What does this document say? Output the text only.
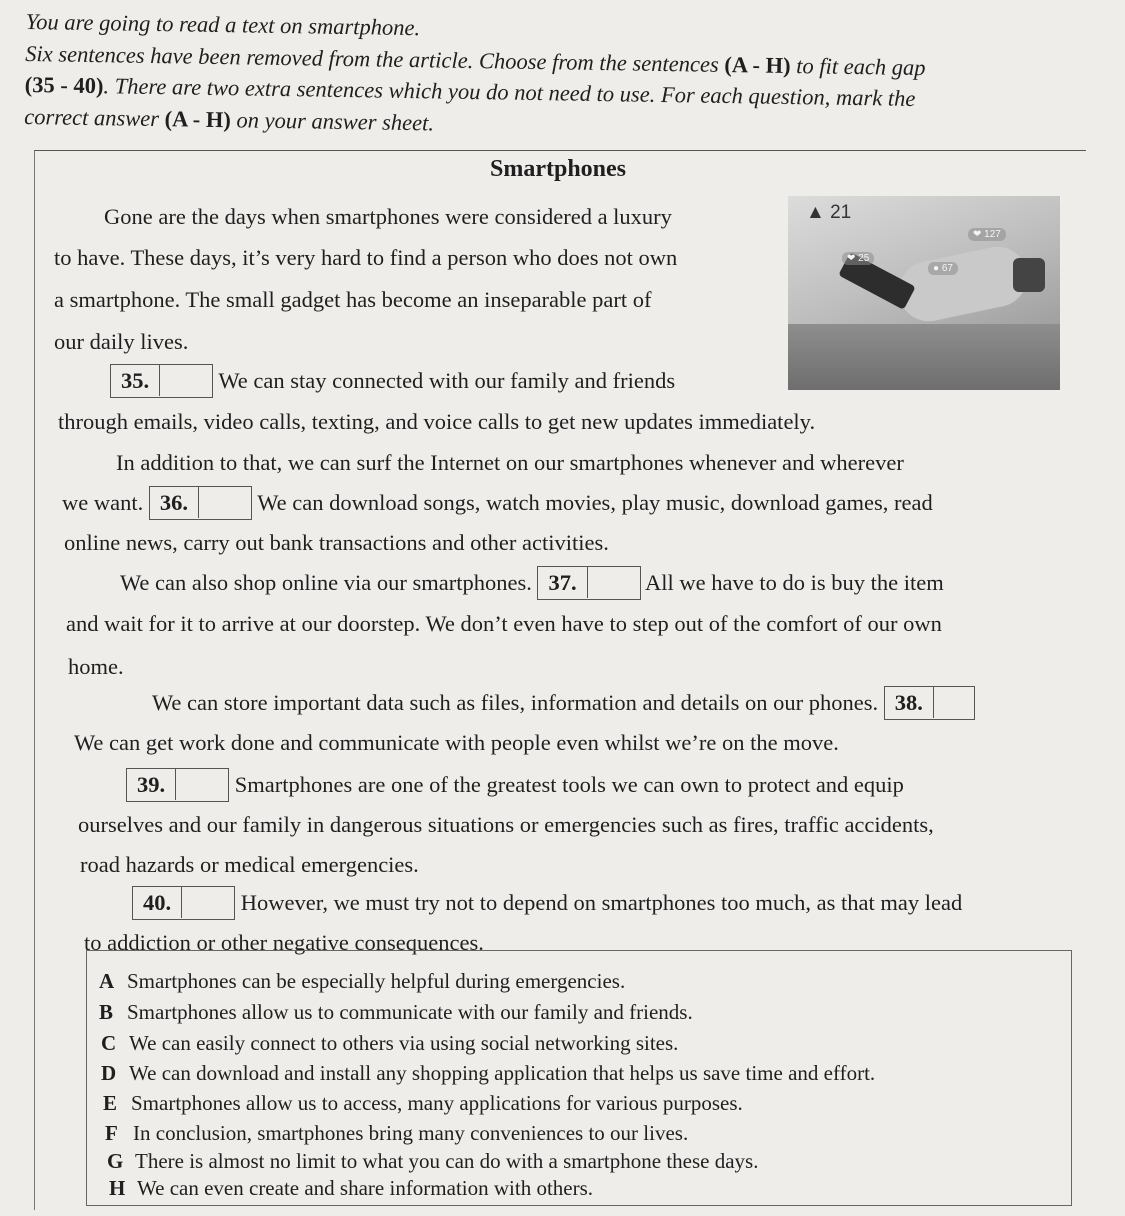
You are going to read a text on smartphone.
Six sentences have been removed from the article. Choose from the sentences (A - H) to fit each gap
(35 - 40). There are two extra sentences which you do not need to use. For each question, mark the
correct answer (A - H) on your answer sheet.
Smartphones
▲ 21
❤ 127
❤ 25
● 67
Gone are the days when smartphones were considered a luxury
to have. These days, it’s very hard to find a person who does not own
a smartphone. The small gadget has become an inseparable part of
our daily lives.
35.	We can stay connected with our family and friends
through emails, video calls, texting, and voice calls to get new updates immediately.
In addition to that, we can surf the Internet on our smartphones whenever and wherever
we want. 36.	We can download songs, watch movies, play music, download games, read
online news, carry out bank transactions and other activities.
We can also shop online via our smartphones. 37.	All we have to do is buy the item
and wait for it to arrive at our doorstep. We don’t even have to step out of the comfort of our own
home.
We can store important data such as files, information and details on our phones. 38.
We can get work done and communicate with people even whilst we’re on the move.
39.	Smartphones are one of the greatest tools we can own to protect and equip
ourselves and our family in dangerous situations or emergencies such as fires, traffic accidents,
road hazards or medical emergencies.
40.	However, we must try not to depend on smartphones too much, as that may lead
to addiction or other negative consequences.
A Smartphones can be especially helpful during emergencies.
B Smartphones allow us to communicate with our family and friends.
C We can easily connect to others via using social networking sites.
D We can download and install any shopping application that helps us save time and effort.
E Smartphones allow us to access, many applications for various purposes.
F In conclusion, smartphones bring many conveniences to our lives.
G There is almost no limit to what you can do with a smartphone these days.
H We can even create and share information with others.
